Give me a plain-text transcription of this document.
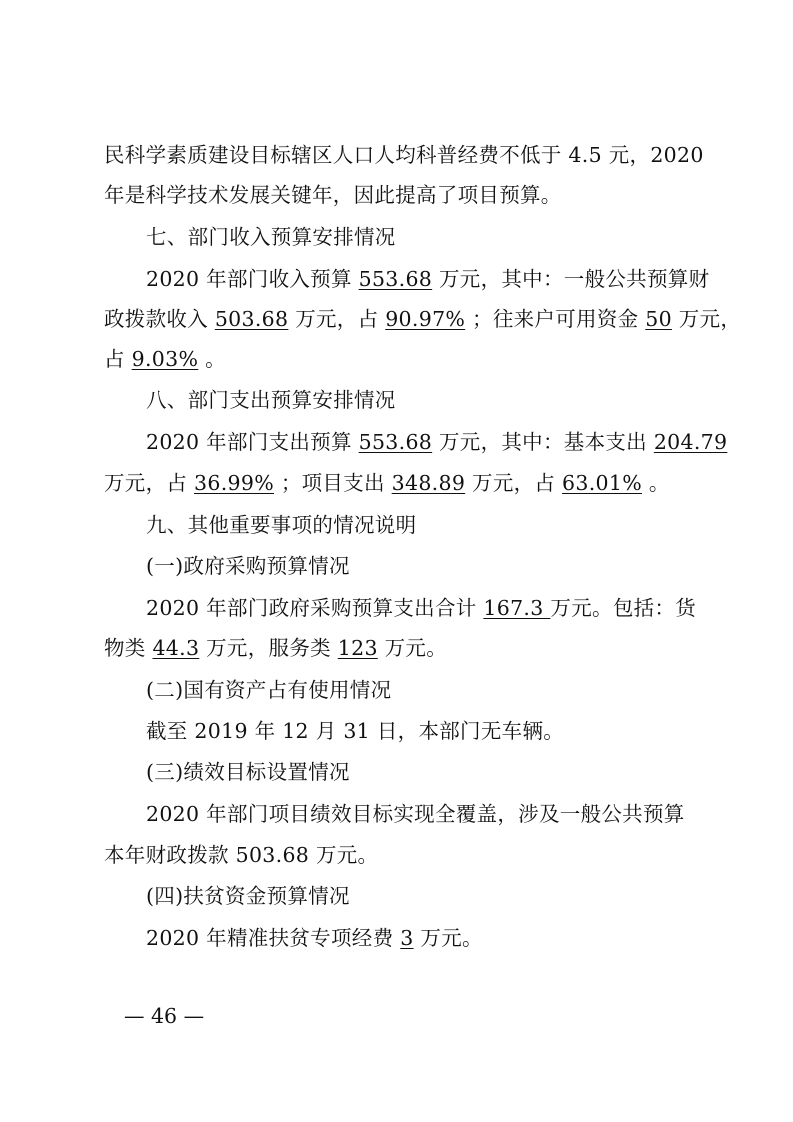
民科学素质建设目标辖区人口人均科普经费不低于 4.5 元，2020
年是科学技术发展关键年，因此提高了项目预算。
七、部门收入预算安排情况
2020 年部门收入预算 553.68 万元，其中：一般公共预算财
政拨款收入 503.68 万元，占 90.97% ；往来户可用资金 50 万元，
占 9.03% 。
八、部门支出预算安排情况
2020 年部门支出预算 553.68 万元，其中：基本支出 204.79
万元，占 36.99% ；项目支出 348.89 万元，占 63.01% 。
九、其他重要事项的情况说明
(一)政府采购预算情况
2020 年部门政府采购预算支出合计 167.3 万元。包括：货
物类 44.3 万元，服务类 123 万元。
(二)国有资产占有使用情况
截至 2019 年 12 月 31 日，本部门无车辆。
(三)绩效目标设置情况
2020 年部门项目绩效目标实现全覆盖，涉及一般公共预算
本年财政拨款 503.68 万元。
(四)扶贫资金预算情况
2020 年精准扶贫专项经费 3 万元。
— 46 —
